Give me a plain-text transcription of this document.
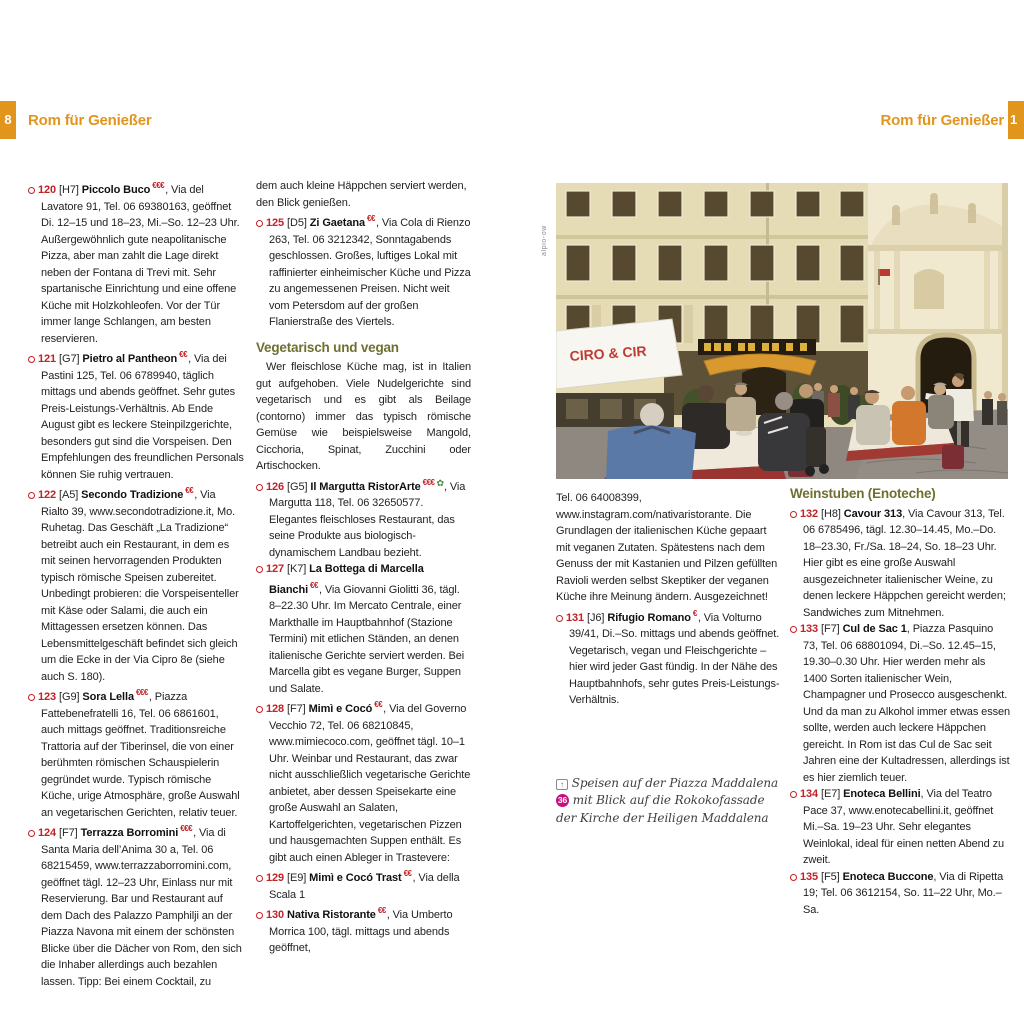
8 Rom für Genießer	Rom für Genießer 1

120 [H7] Piccolo Buco €€€, Via del Lavatore 91, Tel. 06 69380163, geöffnet Di. 12–15 und 18–23, Mi.–So. 12–23 Uhr. Außergewöhnlich gute neapolitanische Pizza, aber man zahlt die Lage direkt neben der Fontana di Trevi mit. Sehr spartanische Einrichtung und eine offene Küche mit Holzkohleofen. Vor der Tür immer lange Schlangen, am besten reservieren.

121 [G7] Pietro al Pantheon €€, Via dei Pastini 125, Tel. 06 6789940, täglich mittags und abends geöffnet. Sehr gutes Preis-Leistungs-Verhältnis. Ab Ende August gibt es leckere Steinpilzgerichte, besonders gut sind die Vorspeisen. Den Empfehlungen des freundlichen Personals können Sie ruhig vertrauen.

122 [A5] Secondo Tradizione €€, Via Rialto 39, www.secondotradizione.it, Mo. Ruhetag. Das Geschäft „La Tradizione“ betreibt auch ein Restaurant, in dem es mit seinen hervorragenden Produkten typisch römische Speisen zubereitet. Unbedingt probieren: die Vorspeisenteller mit Käse oder Salami, die auch ein Mittagessen ersetzen können. Das Lebensmittelgeschäft befindet sich gleich um die Ecke in der Via Cipro 8e (siehe auch S. 180).

123 [G9] Sora Lella €€€, Piazza Fattebenefratelli 16, Tel. 06 6861601, auch mittags geöffnet. Traditionsreiche Trattoria auf der Tiberinsel, die von einer berühmten römischen Schauspielerin gegründet wurde. Typisch römische Küche, urige Atmosphäre, große Auswahl an vegetarischen Gerichten, relativ teuer.

124 [F7] Terrazza Borromini €€€, Via di Santa Maria dell’Anima 30 a, Tel. 06 68215459, www.terrazzaborromini.com, geöffnet tägl. 12–23 Uhr, Einlass nur mit Reservierung. Bar und Restaurant auf dem Dach des Palazzo Pamphilji an der Piazza Navona mit einem der schönsten Blicke über die Dächer von Rom, den sich die Inhaber allerdings auch bezahlen lassen. Tipp: Bei einem Cocktail, zu

dem auch kleine Häppchen serviert werden, den Blick genießen.

125 [D5] Zi Gaetana €€, Via Cola di Rienzo 263, Tel. 06 3212342, Sonntagabends geschlossen. Großes, luftiges Lokal mit raffinierter einheimischer Küche und Pizza zu angemessenen Preisen. Nicht weit vom Petersdom auf der großen Flanierstraße des Viertels.

Vegetarisch und vegan

Wer fleischlose Küche mag, ist in Italien gut aufgehoben. Viele Nudelgerichte sind vegetarisch und es gibt als Beilage (contorno) immer das typisch römische Gemüse wie beispielsweise Mangold, Cicchoria, Spinat, Zucchini oder Artischocken.

126 [G5] Il Margutta RistorArte €€€ ✿, Via Margutta 118, Tel. 06 32650577. Elegantes fleischloses Restaurant, das seine Produkte aus biologisch-dynamischem Landbau bezieht.

127 [K7] La Bottega di Marcella Bianchi €€, Via Giovanni Giolitti 36, tägl. 8–22.30 Uhr. Im Mercato Centrale, einer Markthalle im Hauptbahnhof (Stazione Termini) mit etlichen Ständen, an denen italienische Gerichte serviert werden. Bei Marcella gibt es vegane Burger, Suppen und Salate.

128 [F7] Mimì e Cocó €€, Via del Governo Vecchio 72, Tel. 06 68210845, www.mimiecoco.com, geöffnet tägl. 10–1 Uhr. Weinbar und Restaurant, das zwar nicht ausschließlich vegetarische Gerichte anbietet, aber dessen Speisekarte eine große Auswahl an Salaten, Kartoffelgerichten, vegetarischen Pizzen und hausgemachten Suppen enthält. Es gibt auch einen Ableger in Trastevere:

129 [E9] Mimì e Cocó Trast €€, Via della Scala 1

130 Nativa Ristorante €€, Via Umberto Morrica 100, tägl. mittags und abends geöffnet,

Tel. 06 64008399, www.instagram.com/nativaristorante. Die Grundlagen der italienischen Küche gepaart mit veganen Zutaten. Spätestens nach dem Genuss der mit Kastanien und Pilzen gefüllten Ravioli werden selbst Skeptiker der veganen Küche ihre Meinung ändern. Ausgezeichnet!

131 [J6] Rifugio Romano €, Via Volturno 39/41, Di.–So. mittags und abends geöffnet. Vegetarisch, vegan und Fleischgerichte – hier wird jeder Gast fündig. In der Nähe des Hauptbahnhofs, sehr gutes Preis-Leistungs-Verhältnis.

↑ Speisen auf der Piazza Maddalena 36 mit Blick auf die Rokokofassade der Kirche der Heiligen Maddalena
Weinstuben (Enoteche)

132 [H8] Cavour 313, Via Cavour 313, Tel. 06 6785496, tägl. 12.30–14.45, Mo.–Do. 18–23.30, Fr./Sa. 18–24, So. 18–23 Uhr. Hier gibt es eine große Auswahl ausgezeichneter italienischer Weine, zu denen leckere Häppchen gereicht werden; Sandwiches zum Mitnehmen.

133 [F7] Cul de Sac 1, Piazza Pasquino 73, Tel. 06 68801094, Di.–So. 12.45–15, 19.30–0.30 Uhr. Hier werden mehr als 1400 Sorten italienischer Wein, Champagner und Prosecco ausgeschenkt. Und da man zu Alkohol immer etwas essen sollte, werden auch leckere Häppchen gereicht. In Rom ist das Cul de Sac seit Jahren eine der Kultadressen, allerdings ist es hier ziemlich teuer.

134 [E7] Enoteca Bellini, Via del Teatro Pace 37, www.enotecabellini.it, geöffnet Mi.–Sa. 19–23 Uhr. Sehr elegantes Weinlokal, ideal für einen netten Abend zu zweit.

135 [F5] Enoteca Buccone, Via di Ripetta 19; Tel. 06 3612154, So. 11–22 Uhr, Mo.–Sa.

alpio-ow
CIRO & CIR
